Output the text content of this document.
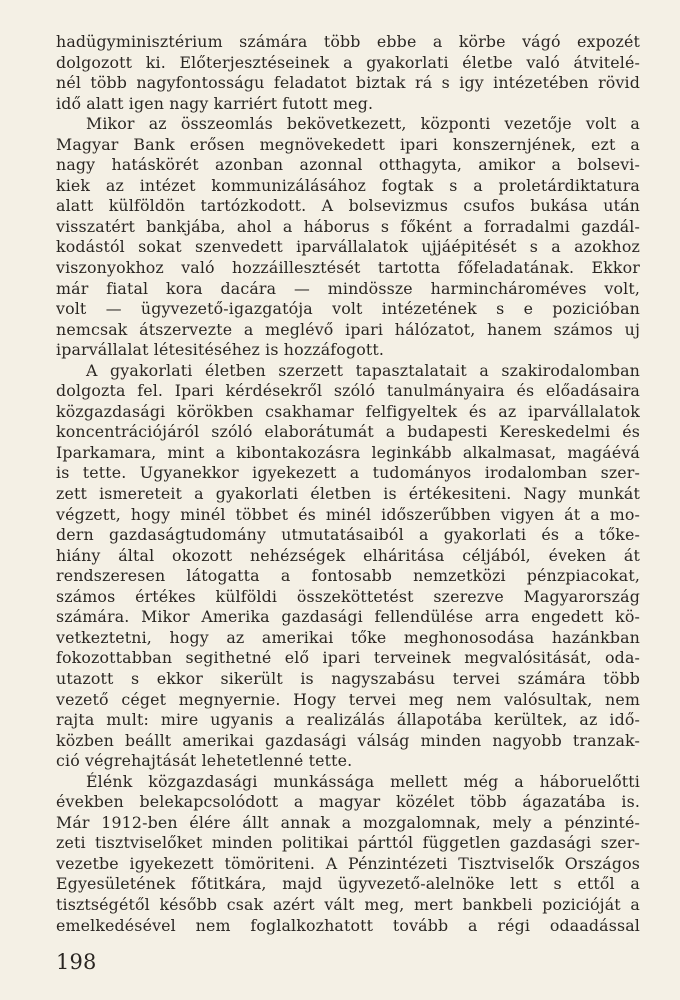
hadügyminisztérium számára több ebbe a körbe vágó expozét
dolgozott ki. Előterjesztéseinek a gyakorlati életbe való átvitelé-
nél több nagyfontosságu feladatot biztak rá s igy intézetében rövid
idő alatt igen nagy karriért futott meg.
Mikor az összeomlás bekövetkezett, központi vezetője volt a
Magyar Bank erősen megnövekedett ipari konszernjének, ezt a
nagy hatáskörét azonban azonnal otthagyta, amikor a bolsevi-
kiek az intézet kommunizálásához fogtak s a proletárdiktatura
alatt külföldön tartózkodott. A bolsevizmus csufos bukása után
visszatért bankjába, ahol a háborus s főként a forradalmi gazdál-
kodástól sokat szenvedett iparvállalatok ujjáépitését s a azokhoz
viszonyokhoz való hozzáillesztését tartotta főfeladatának. Ekkor
már fiatal kora dacára — mindössze harminchároméves volt,
volt — ügyvezető-igazgatója volt intézetének s e pozicióban
nemcsak átszervezte a meglévő ipari hálózatot, hanem számos uj
iparvállalat létesitéséhez is hozzáfogott.
A gyakorlati életben szerzett tapasztalatait a szakirodalomban
dolgozta fel. Ipari kérdésekről szóló tanulmányaira és előadásaira
közgazdasági körökben csakhamar felfigyeltek és az iparvállalatok
koncentrációjáról szóló elaborátumát a budapesti Kereskedelmi és
Iparkamara, mint a kibontakozásra leginkább alkalmasat, magáévá
is tette. Ugyanekkor igyekezett a tudományos irodalomban szer-
zett ismereteit a gyakorlati életben is értékesiteni. Nagy munkát
végzett, hogy minél többet és minél időszerűbben vigyen át a mo-
dern gazdaságtudomány utmutatásaiból a gyakorlati és a tőke-
hiány által okozott nehézségek elháritása céljából, éveken át
rendszeresen látogatta a fontosabb nemzetközi pénzpiacokat,
számos értékes külföldi összeköttetést szerezve Magyarország
számára. Mikor Amerika gazdasági fellendülése arra engedett kö-
vetkeztetni, hogy az amerikai tőke meghonosodása hazánkban
fokozottabban segithetné elő ipari terveinek megvalósitását, oda-
utazott s ekkor sikerült is nagyszabásu tervei számára több
vezető céget megnyernie. Hogy tervei meg nem valósultak, nem
rajta mult: mire ugyanis a realizálás állapotába kerültek, az idő-
közben beállt amerikai gazdasági válság minden nagyobb tranzak-
ció végrehajtását lehetetlenné tette.
Élénk közgazdasági munkássága mellett még a háboruelőtti
években belekapcsolódott a magyar közélet több ágazatába is.
Már 1912-ben élére állt annak a mozgalomnak, mely a pénzinté-
zeti tisztviselőket minden politikai párttól független gazdasági szer-
vezetbe igyekezett tömöriteni. A Pénzintézeti Tisztviselők Országos
Egyesületének főtitkára, majd ügyvezető-alelnöke lett s ettől a
tisztségétől később csak azért vált meg, mert bankbeli pozicióját a
emelkedésével nem foglalkozhatott tovább a régi odaadással
198
